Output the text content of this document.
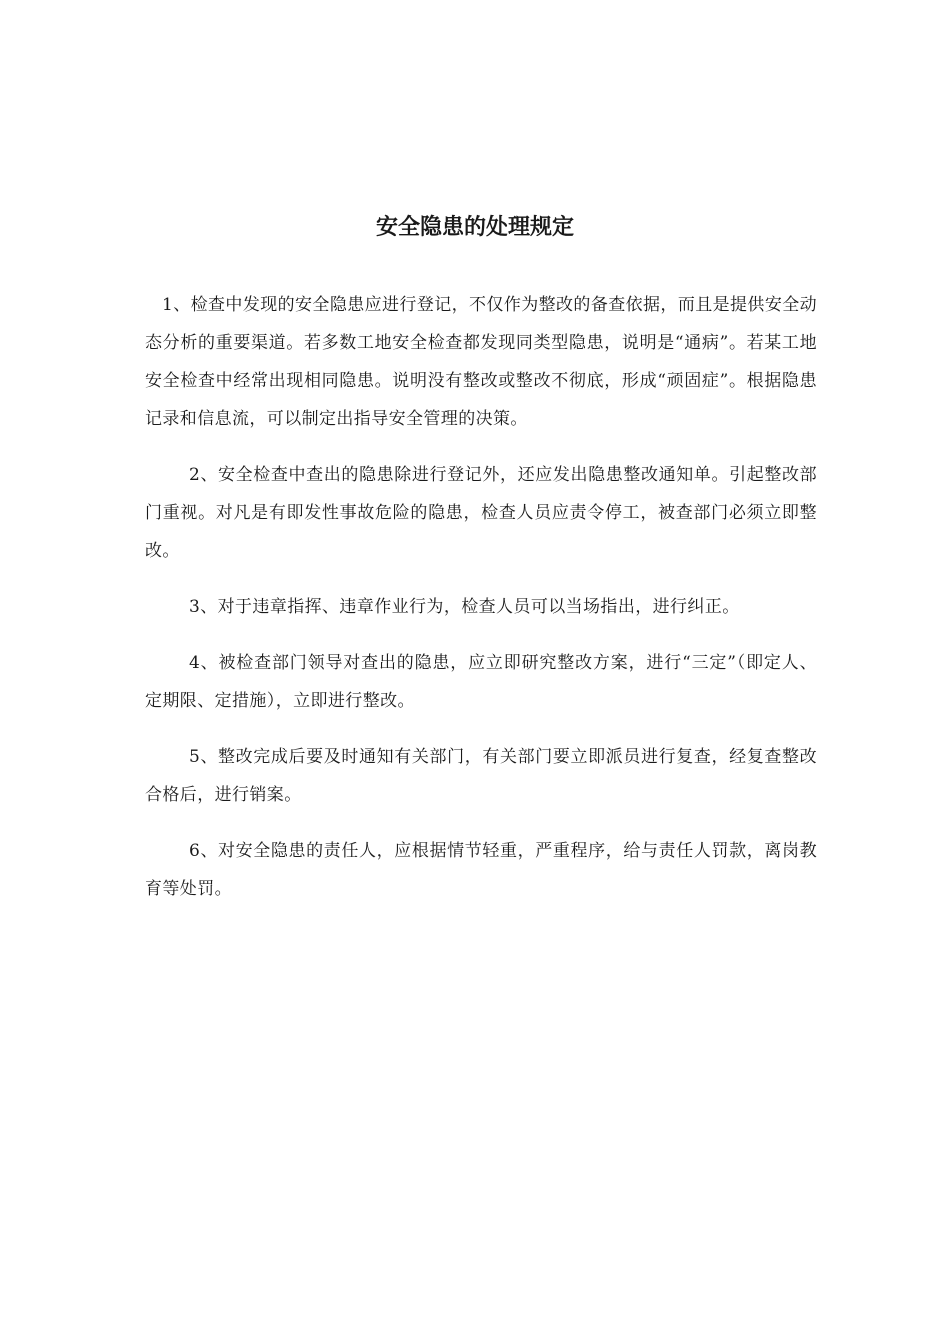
安全隐患的处理规定

1、检查中发现的安全隐患应进行登记，不仅作为整改的备查依据，而且是提供安全动态分析的重要渠道。若多数工地安全检查都发现同类型隐患，说明是“通病”。若某工地安全检查中经常出现相同隐患。说明没有整改或整改不彻底，形成“顽固症”。根据隐患记录和信息流，可以制定出指导安全管理的决策。

2、安全检查中查出的隐患除进行登记外，还应发出隐患整改通知单。引起整改部门重视。对凡是有即发性事故危险的隐患，检查人员应责令停工，被查部门必须立即整改。

3、对于违章指挥、违章作业行为，检查人员可以当场指出，进行纠正。

4、被检查部门领导对查出的隐患，应立即研究整改方案，进行“三定”（即定人、定期限、定措施），立即进行整改。

5、整改完成后要及时通知有关部门，有关部门要立即派员进行复查，经复查整改合格后，进行销案。

6、对安全隐患的责任人，应根据情节轻重，严重程序，给与责任人罚款，离岗教育等处罚。
